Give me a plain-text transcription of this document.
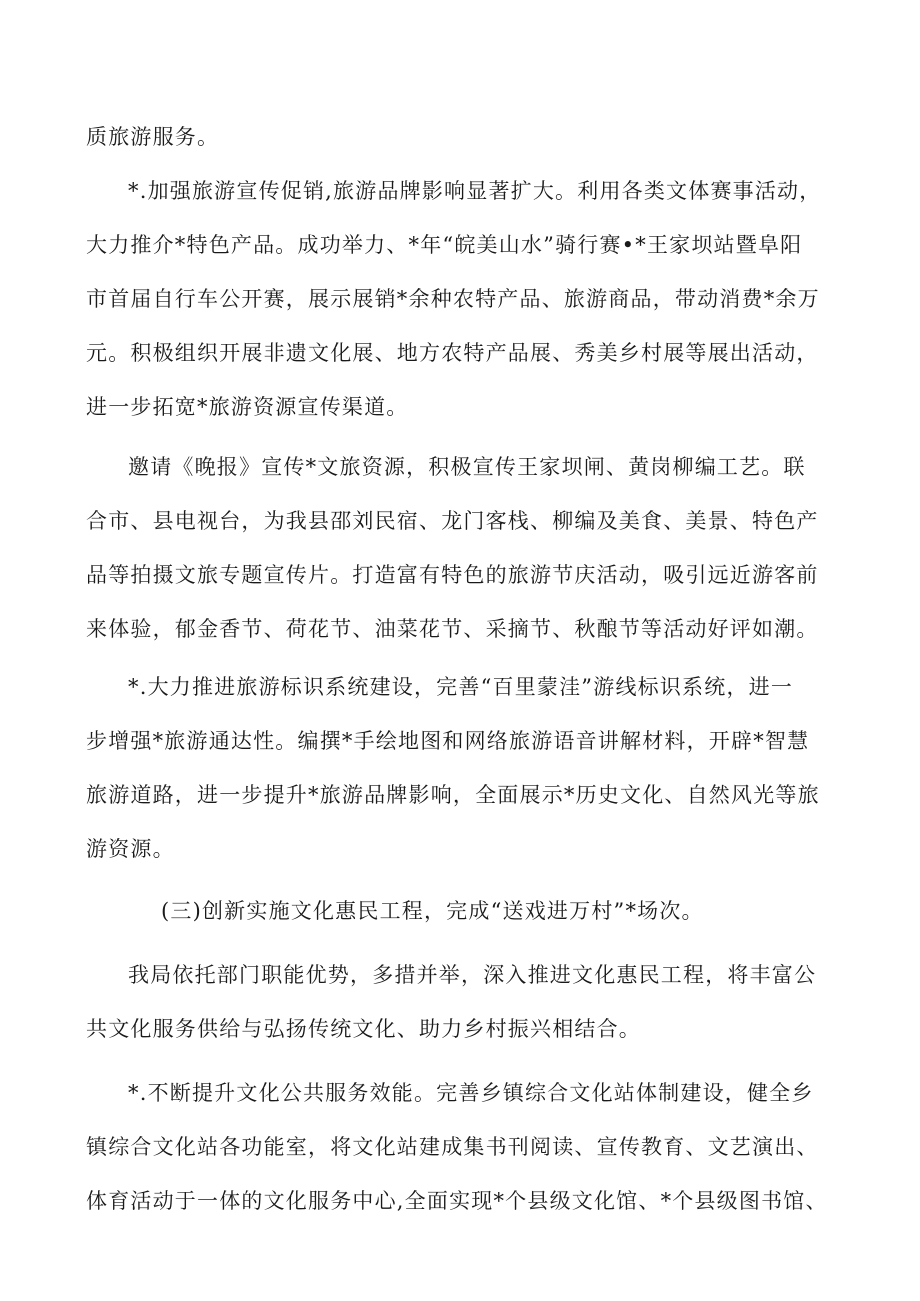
质旅游服务。
*.加强旅游宣传促销,旅游品牌影响显著扩大。利用各类文体赛事活动，
大力推介*特色产品。成功举力、*年“皖美山水”骑行赛•*王家坝站暨阜阳
市首届自行车公开赛，展示展销*余种农特产品、旅游商品，带动消费*余万
元。积极组织开展非遗文化展、地方农特产品展、秀美乡村展等展出活动，
进一步拓宽*旅游资源宣传渠道。
邀请《晚报》宣传*文旅资源，积极宣传王家坝闸、黄岗柳编工艺。联
合市、县电视台，为我县邵刘民宿、龙门客栈、柳编及美食、美景、特色产
品等拍摄文旅专题宣传片。打造富有特色的旅游节庆活动，吸引远近游客前
来体验，郁金香节、荷花节、油菜花节、采摘节、秋酿节等活动好评如潮。
*.大力推进旅游标识系统建设，完善“百里蒙洼”游线标识系统，进一
步增强*旅游通达性。编撰*手绘地图和网络旅游语音讲解材料，开辟*智慧
旅游道路，进一步提升*旅游品牌影响，全面展示*历史文化、自然风光等旅
游资源。
(三)创新实施文化惠民工程，完成“送戏进万村”*场次。
我局依托部门职能优势，多措并举，深入推进文化惠民工程，将丰富公
共文化服务供给与弘扬传统文化、助力乡村振兴相结合。
*.不断提升文化公共服务效能。完善乡镇综合文化站体制建设，健全乡
镇综合文化站各功能室，将文化站建成集书刊阅读、宣传教育、文艺演出、
体育活动于一体的文化服务中心,全面实现*个县级文化馆、*个县级图书馆、
